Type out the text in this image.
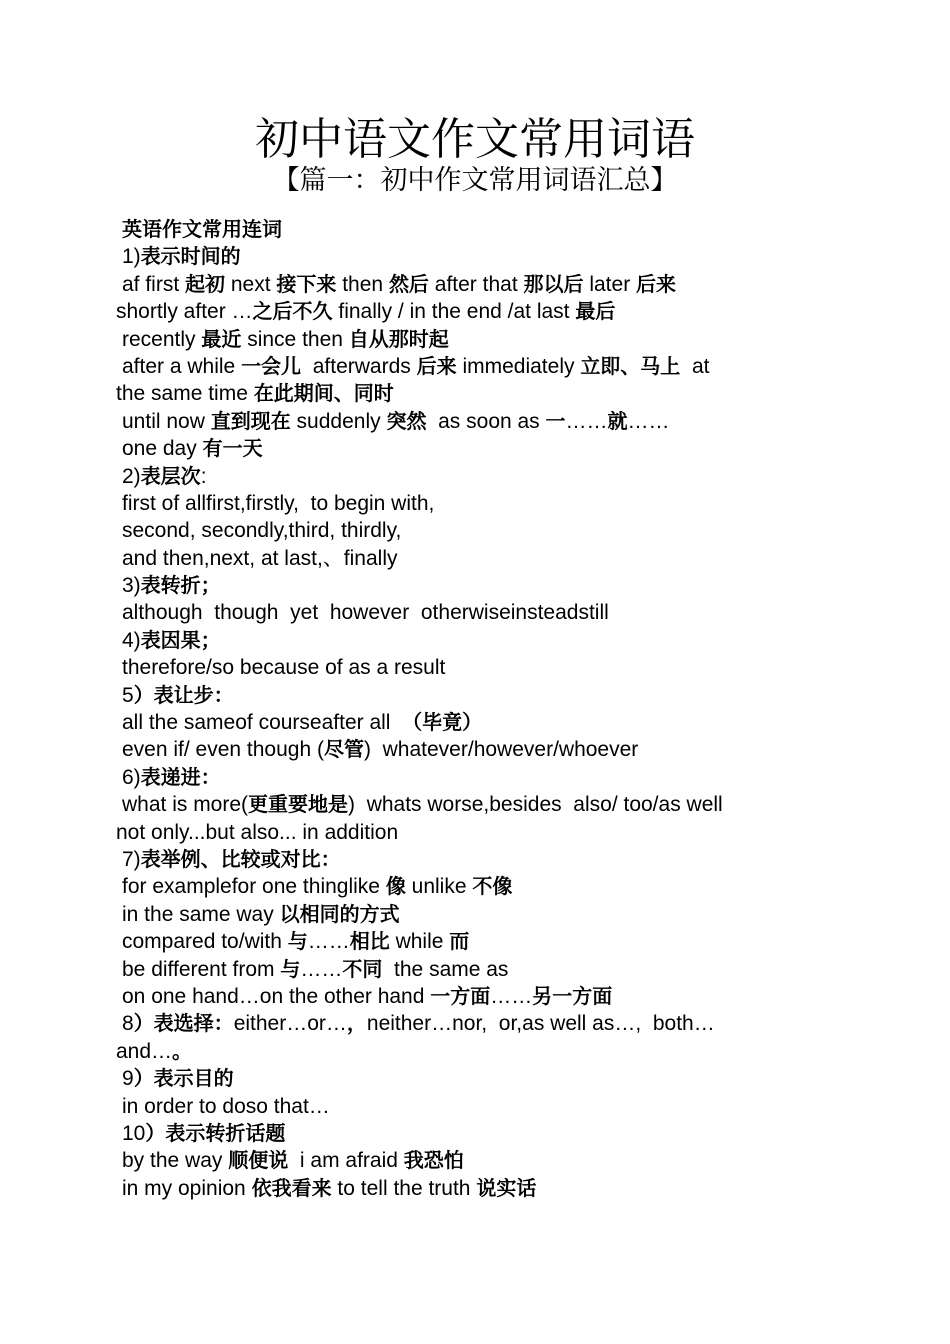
初中语文作文常用词语
【篇一：初中作文常用词语汇总】
英语作文常用连词
1)表示时间的
af first 起初 next 接下来 then 然后 after that 那以后 later 后来
shortly after …之后不久 finally / in the end /at last 最后
recently 最近 since then 自从那时起
after a while 一会儿  afterwards 后来 immediately 立即、马上  at
the same time 在此期间、同时
until now 直到现在 suddenly 突然  as soon as 一……就……
one day 有一天
2)表层次:
first of allfirst,firstly,  to begin with,
second, secondly,third, thirdly,
and then,next, at last,、finally
3)表转折；
although  though  yet  however  otherwiseinsteadstill
4)表因果；
therefore/so because of as a result
5）表让步：
all the sameof courseafter all  （毕竟）
even if/ even though (尽管)  whatever/however/whoever
6)表递进：
what is more(更重要地是)  whats worse,besides  also/ too/as well
not only...but also... in addition
7)表举例、比较或对比：
for examplefor one thinglike 像 unlike 不像
in the same way 以相同的方式
compared to/with 与……相比 while 而
be different from 与……不同  the same as
on one hand…on the other hand 一方面……另一方面
8）表选择：either…or…，neither…nor,  or,as well as…,  both…
and…。
9）表示目的
in order to doso that…
10）表示转折话题
by the way 顺便说  i am afraid 我恐怕
in my opinion 依我看来 to tell the truth 说实话
